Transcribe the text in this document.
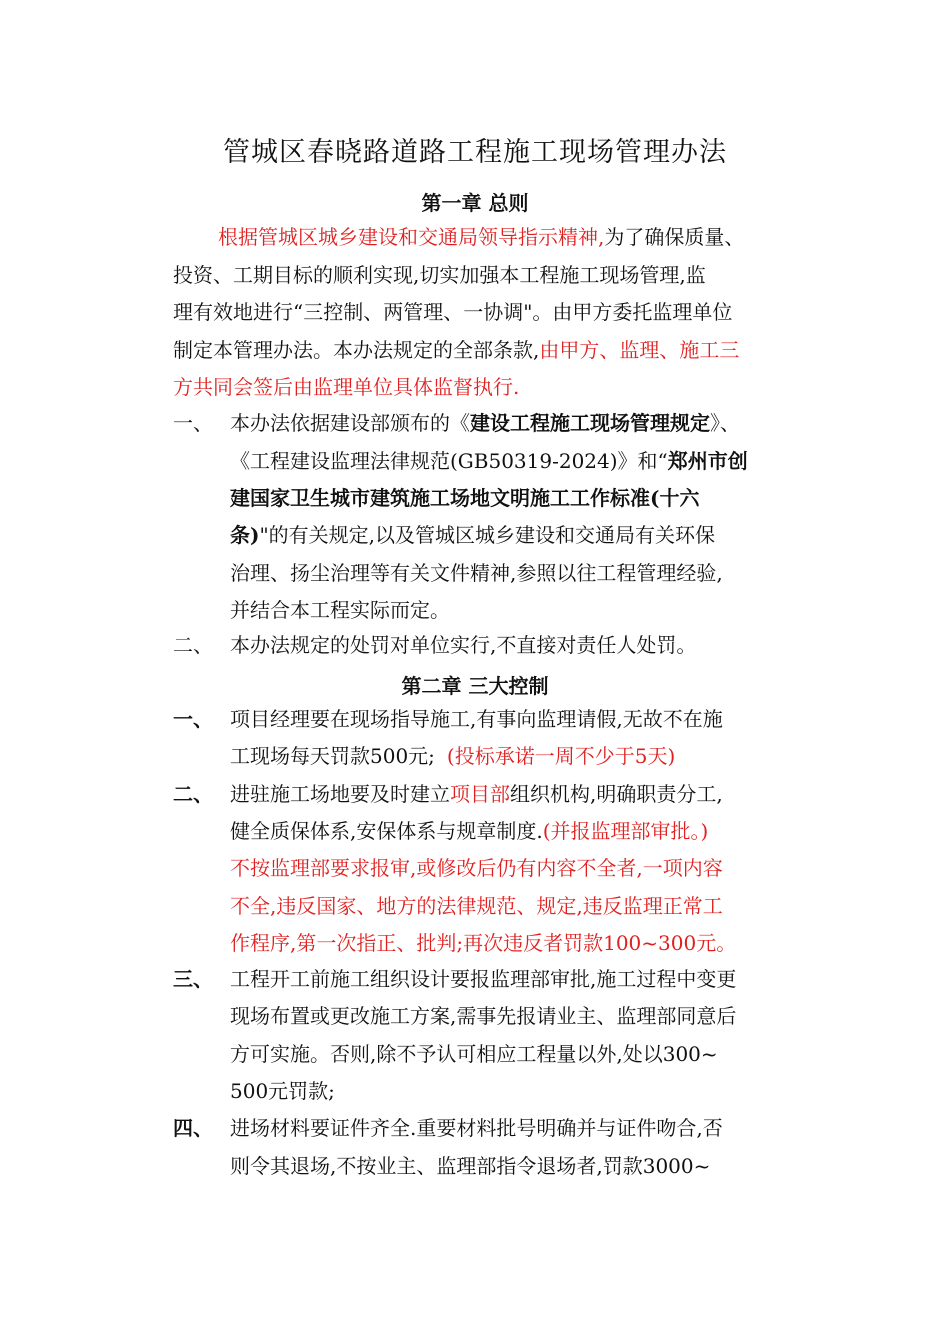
管城区春晓路道路工程施工现场管理办法
第一章 总则
根据管城区城乡建设和交通局领导指示精神,为了确保质量、
投资、工期目标的顺利实现,切实加强本工程施工现场管理,监
理有效地进行“三控制、两管理、一协调"。由甲方委托监理单位
制定本管理办法。本办法规定的全部条款,由甲方、监理、施工三
方共同会签后由监理单位具体监督执行.
一、 本办法依据建设部颁布的《建设工程施工现场管理规定》、
《工程建设监理法律规范(GB50319-2024)》和“郑州市创
建国家卫生城市建筑施工场地文明施工工作标准(十六
条)"的有关规定,以及管城区城乡建设和交通局有关环保
治理、扬尘治理等有关文件精神,参照以往工程管理经验,
并结合本工程实际而定。
二、 本办法规定的处罚对单位实行,不直接对责任人处罚。
第二章 三大控制
一、 项目经理要在现场指导施工,有事向监理请假,无故不在施
工现场每天罚款500元; (投标承诺一周不少于5天)
二、 进驻施工场地要及时建立项目部组织机构,明确职责分工,
健全质保体系,安保体系与规章制度.(并报监理部审批。)
不按监理部要求报审,或修改后仍有内容不全者,一项内容
不全,违反国家、地方的法律规范、规定,违反监理正常工
作程序,第一次指正、批判;再次违反者罚款100~300元。
三、 工程开工前施工组织设计要报监理部审批,施工过程中变更
现场布置或更改施工方案,需事先报请业主、监理部同意后
方可实施。否则,除不予认可相应工程量以外,处以300~
500元罚款;
四、 进场材料要证件齐全.重要材料批号明确并与证件吻合,否
则令其退场,不按业主、监理部指令退场者,罚款3000~
